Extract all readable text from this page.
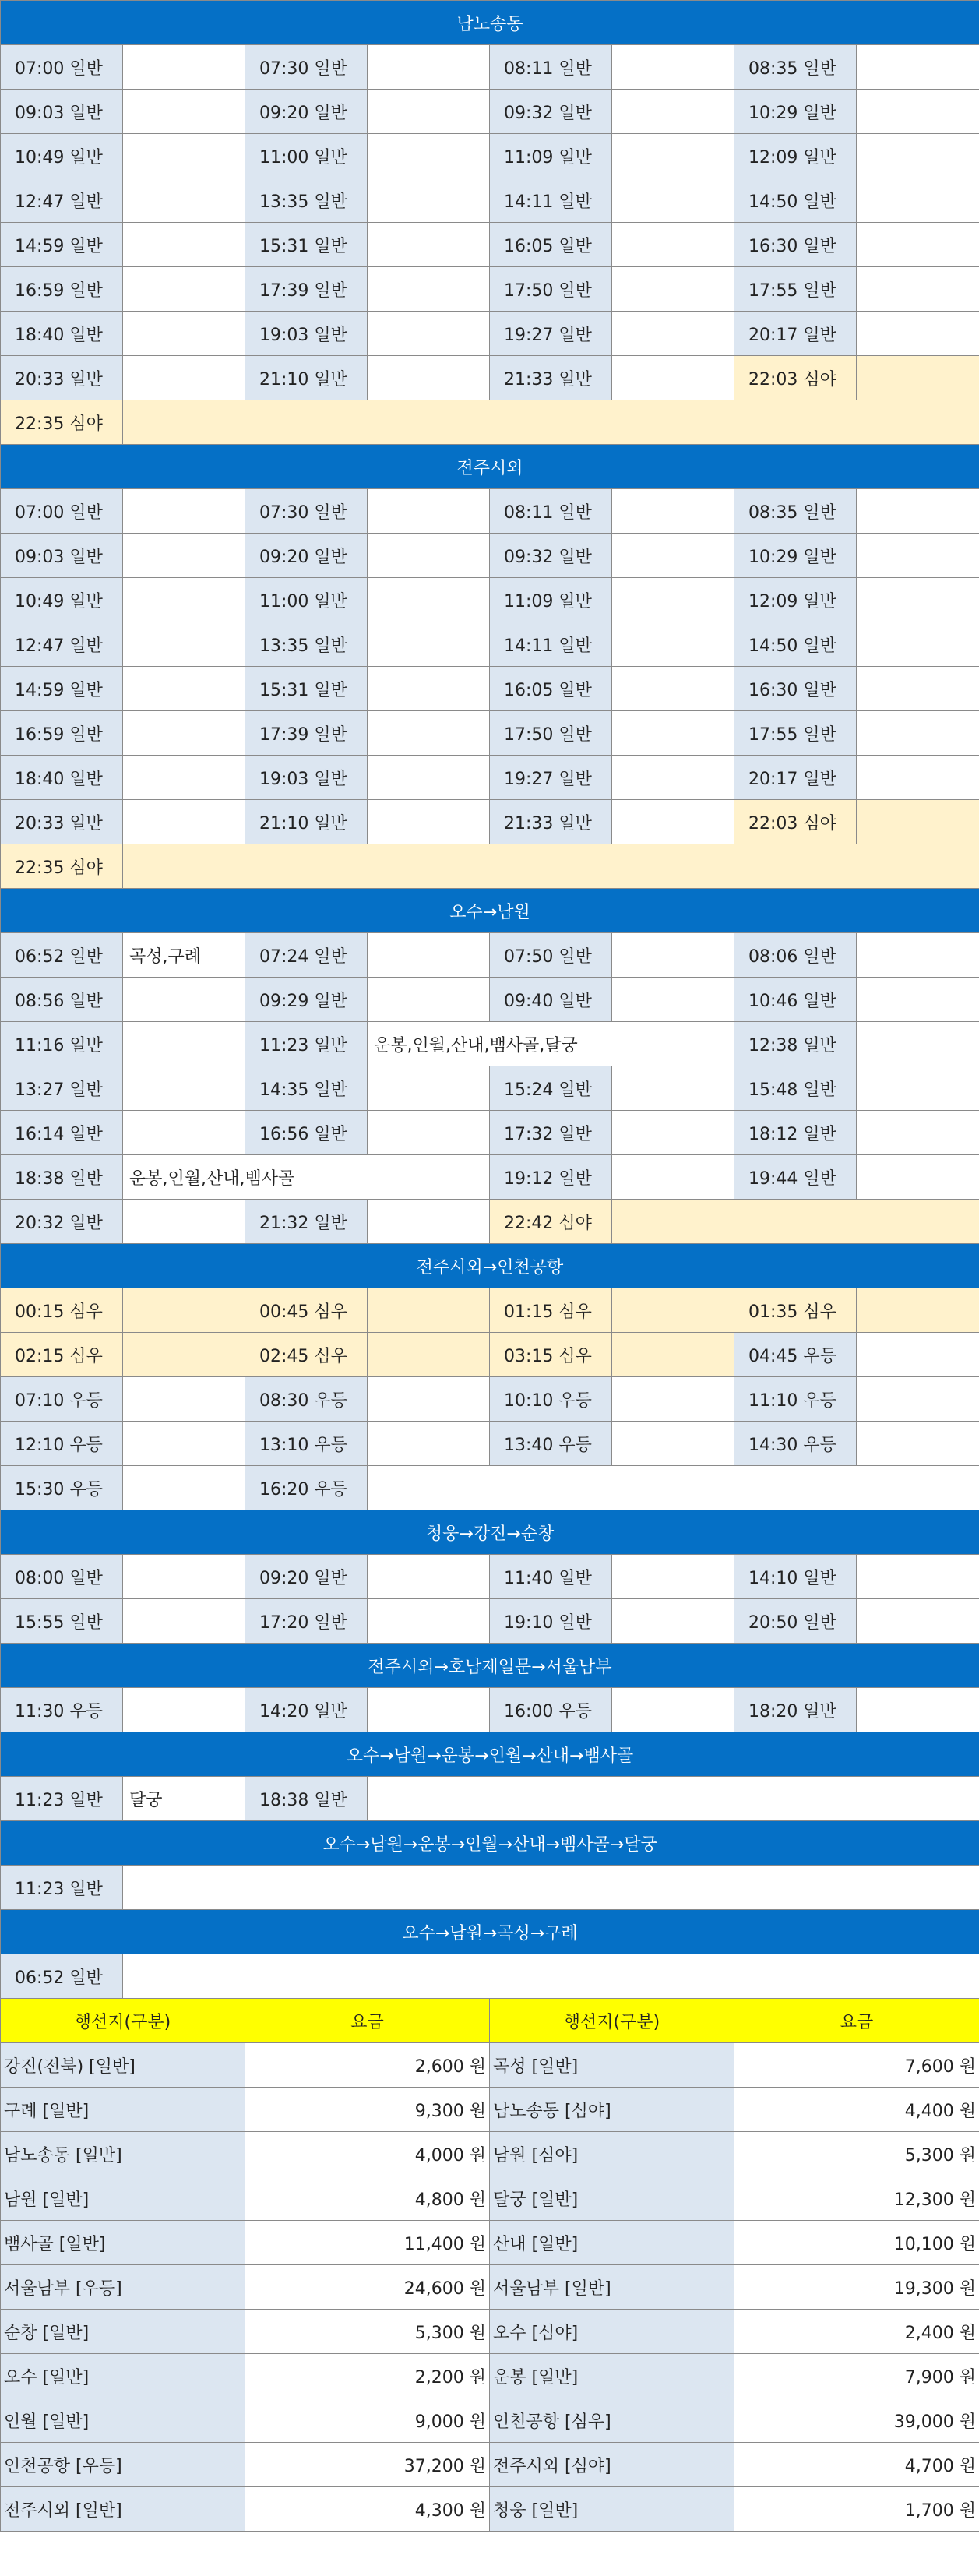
남노송동							
07:00 일반		07:30 일반		08:11 일반		08:35 일반	
09:03 일반		09:20 일반		09:32 일반		10:29 일반	
10:49 일반		11:00 일반		11:09 일반		12:09 일반	
12:47 일반		13:35 일반		14:11 일반		14:50 일반	
14:59 일반		15:31 일반		16:05 일반		16:30 일반	
16:59 일반		17:39 일반		17:50 일반		17:55 일반	
18:40 일반		19:03 일반		19:27 일반		20:17 일반	
20:33 일반		21:10 일반		21:33 일반		22:03 심야	
22:35 심야							
전주시외							
07:00 일반		07:30 일반		08:11 일반		08:35 일반	
09:03 일반		09:20 일반		09:32 일반		10:29 일반	
10:49 일반		11:00 일반		11:09 일반		12:09 일반	
12:47 일반		13:35 일반		14:11 일반		14:50 일반	
14:59 일반		15:31 일반		16:05 일반		16:30 일반	
16:59 일반		17:39 일반		17:50 일반		17:55 일반	
18:40 일반		19:03 일반		19:27 일반		20:17 일반	
20:33 일반		21:10 일반		21:33 일반		22:03 심야	
22:35 심야							
오수→남원							
06:52 일반	곡성,구례	07:24 일반		07:50 일반		08:06 일반	
08:56 일반		09:29 일반		09:40 일반		10:46 일반	
11:16 일반		11:23 일반	운봉,인월,산내,뱀사골,달궁			12:38 일반	
13:27 일반		14:35 일반		15:24 일반		15:48 일반	
16:14 일반		16:56 일반		17:32 일반		18:12 일반	
18:38 일반	운봉,인월,산내,뱀사골			19:12 일반		19:44 일반	
20:32 일반		21:32 일반		22:42 심야			
전주시외→인천공항							
00:15 심우		00:45 심우		01:15 심우		01:35 심우	
02:15 심우		02:45 심우		03:15 심우		04:45 우등	
07:10 우등		08:30 우등		10:10 우등		11:10 우등	
12:10 우등		13:10 우등		13:40 우등		14:30 우등	
15:30 우등		16:20 우등					
청웅→강진→순창							
08:00 일반		09:20 일반		11:40 일반		14:10 일반	
15:55 일반		17:20 일반		19:10 일반		20:50 일반	
전주시외→호남제일문→서울남부							
11:30 우등		14:20 일반		16:00 우등		18:20 일반	
오수→남원→운봉→인월→산내→뱀사골							
11:23 일반	달궁	18:38 일반					
오수→남원→운봉→인월→산내→뱀사골→달궁							
11:23 일반							
오수→남원→곡성→구례							
06:52 일반							
행선지(구분)		요금		행선지(구분)		요금	
강진(전북) [일반]		2,600 원		곡성 [일반]		7,600 원	
구례 [일반]		9,300 원		남노송동 [심야]		4,400 원	
남노송동 [일반]		4,000 원		남원 [심야]		5,300 원	
남원 [일반]		4,800 원		달궁 [일반]		12,300 원	
뱀사골 [일반]		11,400 원		산내 [일반]		10,100 원	
서울남부 [우등]		24,600 원		서울남부 [일반]		19,300 원	
순창 [일반]		5,300 원		오수 [심야]		2,400 원	
오수 [일반]		2,200 원		운봉 [일반]		7,900 원	
인월 [일반]		9,000 원		인천공항 [심우]		39,000 원	
인천공항 [우등]		37,200 원		전주시외 [심야]		4,700 원	
전주시외 [일반]		4,300 원		청웅 [일반]		1,700 원	
